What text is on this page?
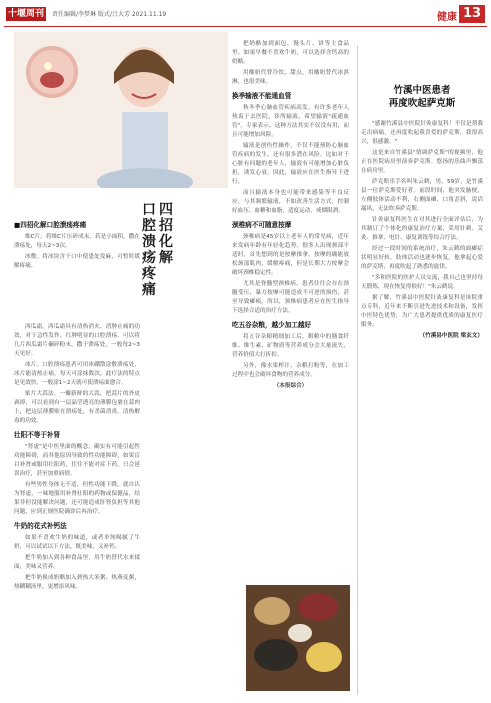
十堰周刊	责任编辑/李梦琳 版式/吕大芳 2021.11.19	健康 13
四招化解
口腔溃疡疼痛
■四招化解口腔溃疡疼痛

维C片。将维C片压碎成末，若是小面积，撒在溃疡处，每天2~3次。

冰敷。将冰块含于口中使患处发麻，可暂时缓解疼痛。

西瓜霜。西瓜霜具有清热消火、消肿止痛的功效，对于急性发作、红肿明显的口腔溃疡，可以将几片西瓜霜片碾碎粉末，撒于溃疡处，一般每2~3天见好。

冰片。口腔溃疡患者可用冰硼散涂敷溃疡处，冰片能清热止痛，每天可涂抹数次，此疗法的特点是见效快，一般涂1~2天就可使溃疡面愈合。

贴片大蒜法。一瓣新鲜的大蒜，把蒜片的外皮剥掉，可以看到有一层晶莹透亮的薄膜包裹在蒜肉上，把这层薄膜贴在溃疡处，有杀菌消炎、清热解毒的功效。

壮阳不等于补肾

"肾虚"是中医里面的概念，确实有可能引起性功能障碍，而其他原因导致的性功能障碍，如果盲目补肾或服用壮阳药，往往不能对症下药，只会延误治疗，甚至加重病情。

有些男性身体无不适，但性功能下降，就自认为肾虚，一味地服用补肾壮阳的药物或保健品，结果非但没能解决问题，还可能造成肝肾负担等其他问题，应到正规医院确诊后再治疗。

牛奶的花式补钙法

如果不喜欢牛奶的味道，或者单纯喝腻了牛奶，可以试试以下方法，既美味，又补钙。

把牛奶加入到各种食品里，用牛奶替代水来揉面，美味又营养。

把牛奶换成奶酪加入到热大米粥、热燕麦粥，热糊糊汤里，更增添风味。

把奶酪加到面包、馒头片、饼等主食品里。如果早餐不喜欢牛奶，可以选择含钙高的奶酪。

用酸奶代替冷饮、甜点，用酸奶替代冰淇淋，也很美味。

换季输液不能通血管

秋冬季心脑血管疾病高发，有许多老年人热衷于去医院，诊所输液，希望输液"疏通血管"。专家表示，这种方法其实不仅没有用，而且可能增加风险。

输液是创伤性操作，不仅不能预防心脑血管疾病的发生，还有很多潜在风险。比如对于心脏有问题的老年人，输液有可能增加心脏负担，诱发心衰。因此，输液应在医生指导下进行。

而且输液本身也可能带来感染等不良反应，与其频繁输液，不如改善生活方式，控制好血压、血糖和血脂，适度运动，戒烟限酒。

颈椎病不可随意按摩

颈椎病是45岁以上老年人的常见病，近年来发病年龄有年轻化趋势。很多人出现颈部不适时，首先想到的是按摩推拿。按摩的确能放松颈部肌肉，缓解疼痛，但是长期大力按摩会破坏颈椎稳定性。

尤其是脊髓型颈椎病，患者往往会存在颈髓受压，暴力按摩可能造成不可逆的损伤，甚至导致瘫痪。所以，颈椎病患者应在医生指导下选择合适的治疗方法。

吃五谷杂粮，越少加工越好

将五谷杂粮精细加工后，粗粮中的膳食纤维、维生素、矿物质等营养成分会大量流失，营养价值大打折扣。

另外，像水果榨汁、杂粮打粉等，在加工过程中也会破坏食物的营养成分。

（本报综合）

竹溪中医患者
再度吹起萨克斯

"感谢竹溪县中医院针灸康复科！不仅是帮我走出病痛，还再度吹起我喜爱的萨克斯，我很高兴，很感激。"

这是来自竹溪县"情调萨克斯"的视频里，他正在医院病房里演奏萨克斯。悠扬的乐曲声飘荡在病房里。

萨克斯乐手名叫朱云鹤，男，59岁，是竹溪县一位萨克斯爱好者。前段时间，他突发脑梗，左侧肢体活动不利，右侧面瘫，口角歪斜，说话漏风，无法吹奏萨克斯。

针灸康复科医生在对其进行全面评估后，为其制订了个体化的康复治疗方案，采用针刺、艾灸、推拿、电针、康复训练等综合疗法。

经过一段时间的系统治疗，朱云鹤的面瘫症状明显好转，肢体活动也逐步恢复。他拿起心爱的萨克斯，再度吹起了熟悉的旋律。

"多和医院的医护人员交流，我自己也坚持每天锻炼，现在恢复得很好！"朱云鹤说。

据了解，竹溪县中医院针灸康复科是该院重点专科，近年来不断引进先进技术和设备，发挥中医特色优势，为广大患者提供优质的康复医疗服务。

（竹溪县中医院 梁玄文）
